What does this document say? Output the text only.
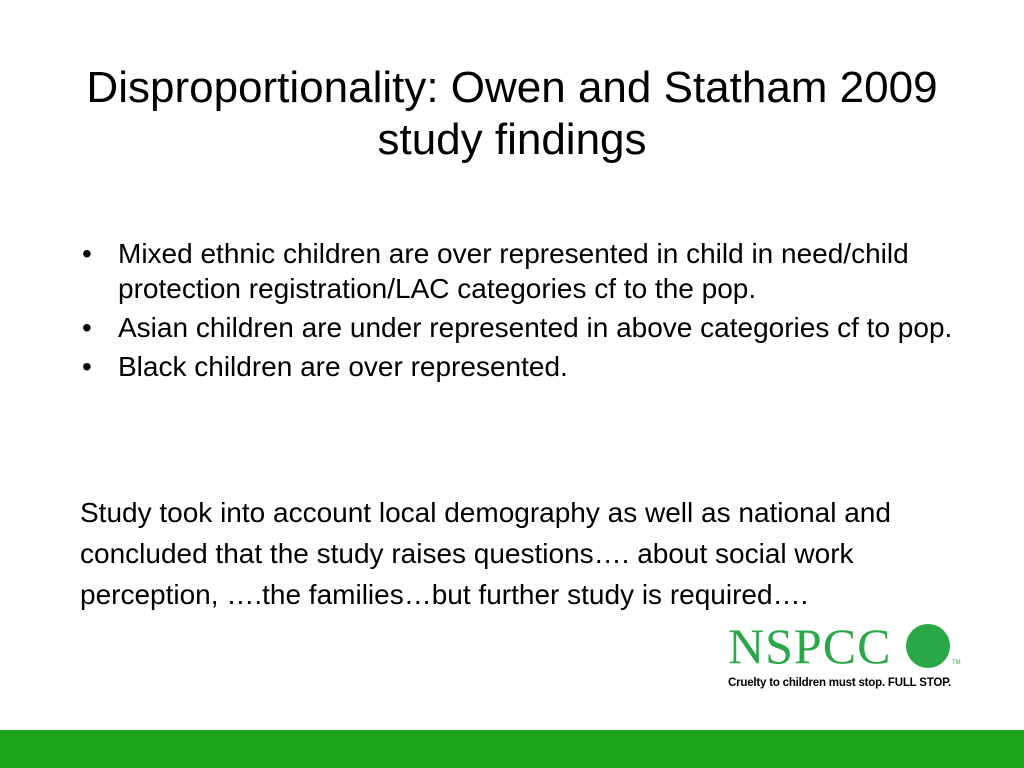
Disproportionality: Owen and Statham 2009 study findings
• Mixed ethnic children are over represented in child in need/child protection registration/LAC categories cf to the pop.
• Asian children are under represented in above categories cf to pop.
• Black children are over represented.

Study took into account local demography as well as national and concluded that the study raises questions…. about social work perception, ….the families…but further study is required….

NSPCC	TM
Cruelty to children must stop. FULL STOP.
